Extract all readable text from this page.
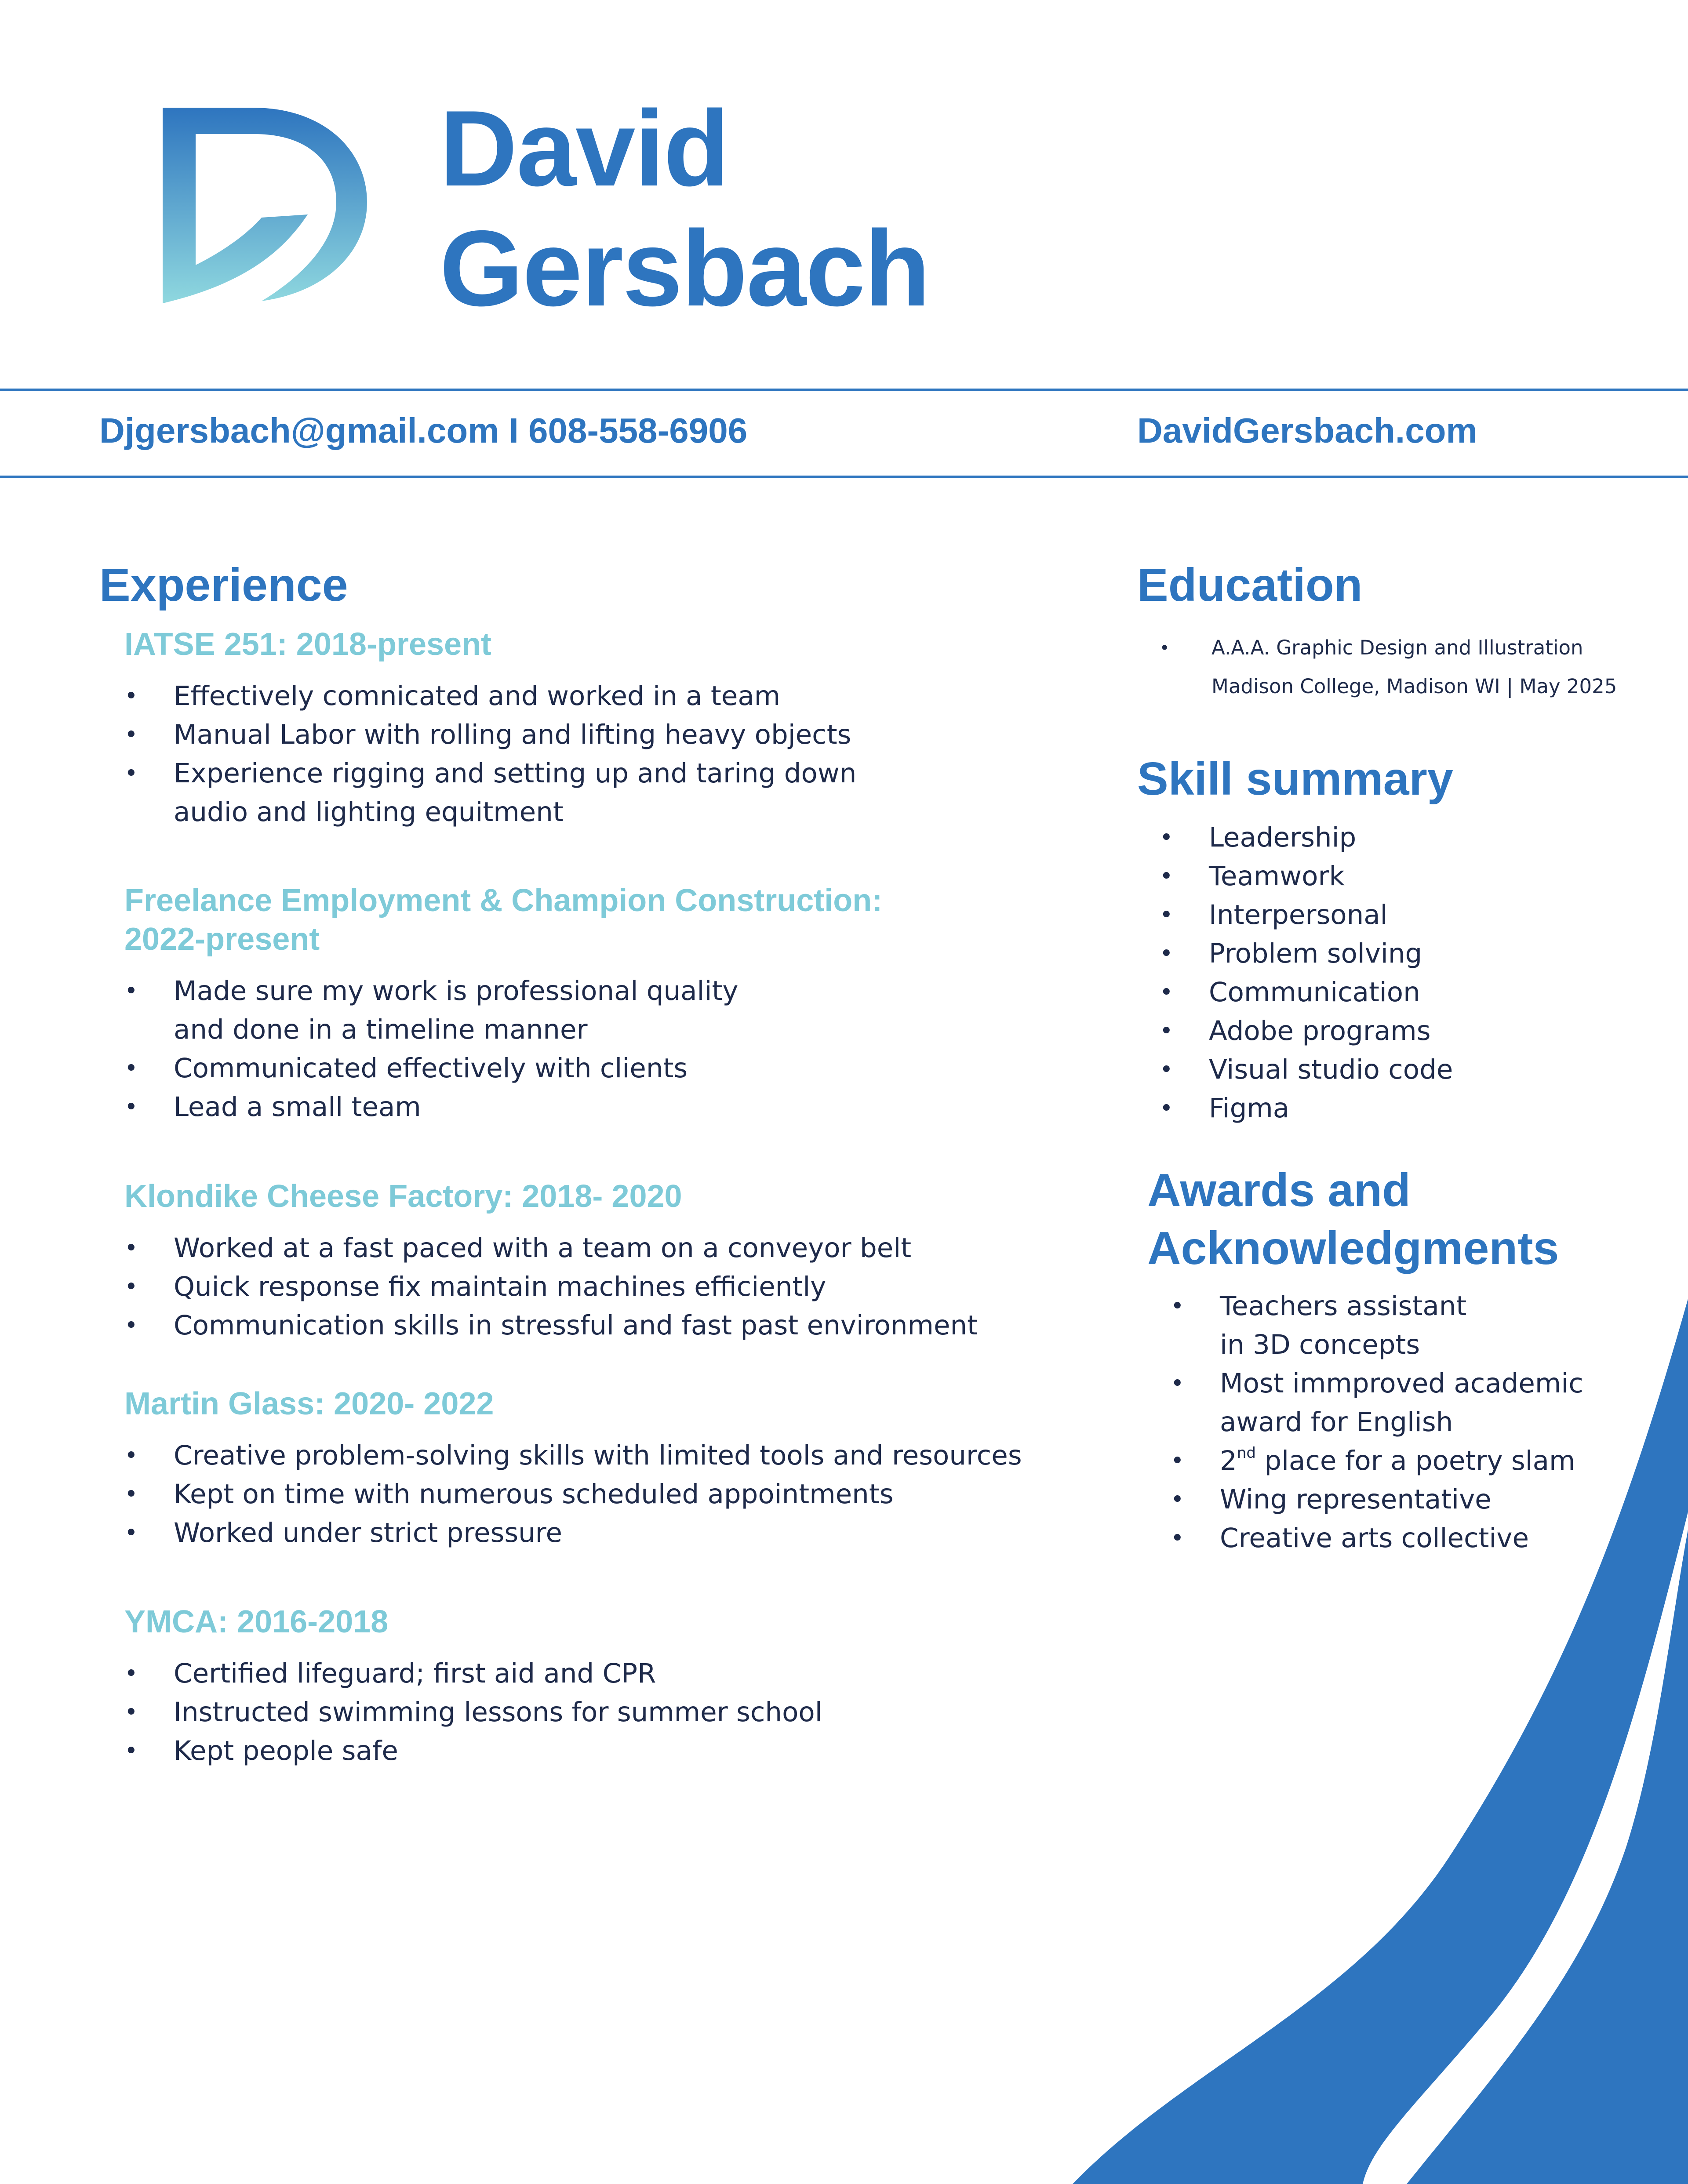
David
Gersbach
Djgersbach@gmail.com I 608-558-6906	DavidGersbach.com
Experience

IATSE 251: 2018-present

• Effectively comnicated and worked in a team
• Manual Labor with rolling and lifting heavy objects
• Experience rigging and setting up and taring down
audio and lighting equitment

Freelance Employment & Champion Construction:

2022-present

• Made sure my work is professional quality
and done in a timeline manner
• Communicated effectively with clients
• Lead a small team

Klondike Cheese Factory: 2018- 2020

• Worked at a fast paced with a team on a conveyor belt
• Quick response fix maintain machines efficiently
• Communication skills in stressful and fast past environment

Martin Glass: 2020- 2022

• Creative problem-solving skills with limited tools and resources
• Kept on time with numerous scheduled appointments
• Worked under strict pressure

YMCA: 2016-2018

• Certified lifeguard; first aid and CPR
• Instructed swimming lessons for summer school
• Kept people safe
Education
• A.A.A. Graphic Design and Illustration
Madison College, Madison WI | May 2025
Skill summary
• Leadership
• Teamwork
• Interpersonal
• Problem solving
• Communication
• Adobe programs
• Visual studio code
• Figma
Awards and
Acknowledgments
• Teachers assistant
in 3D concepts
• Most immproved academic
award for English
• 2nd place for a poetry slam
• Wing representative
• Creative arts collective
